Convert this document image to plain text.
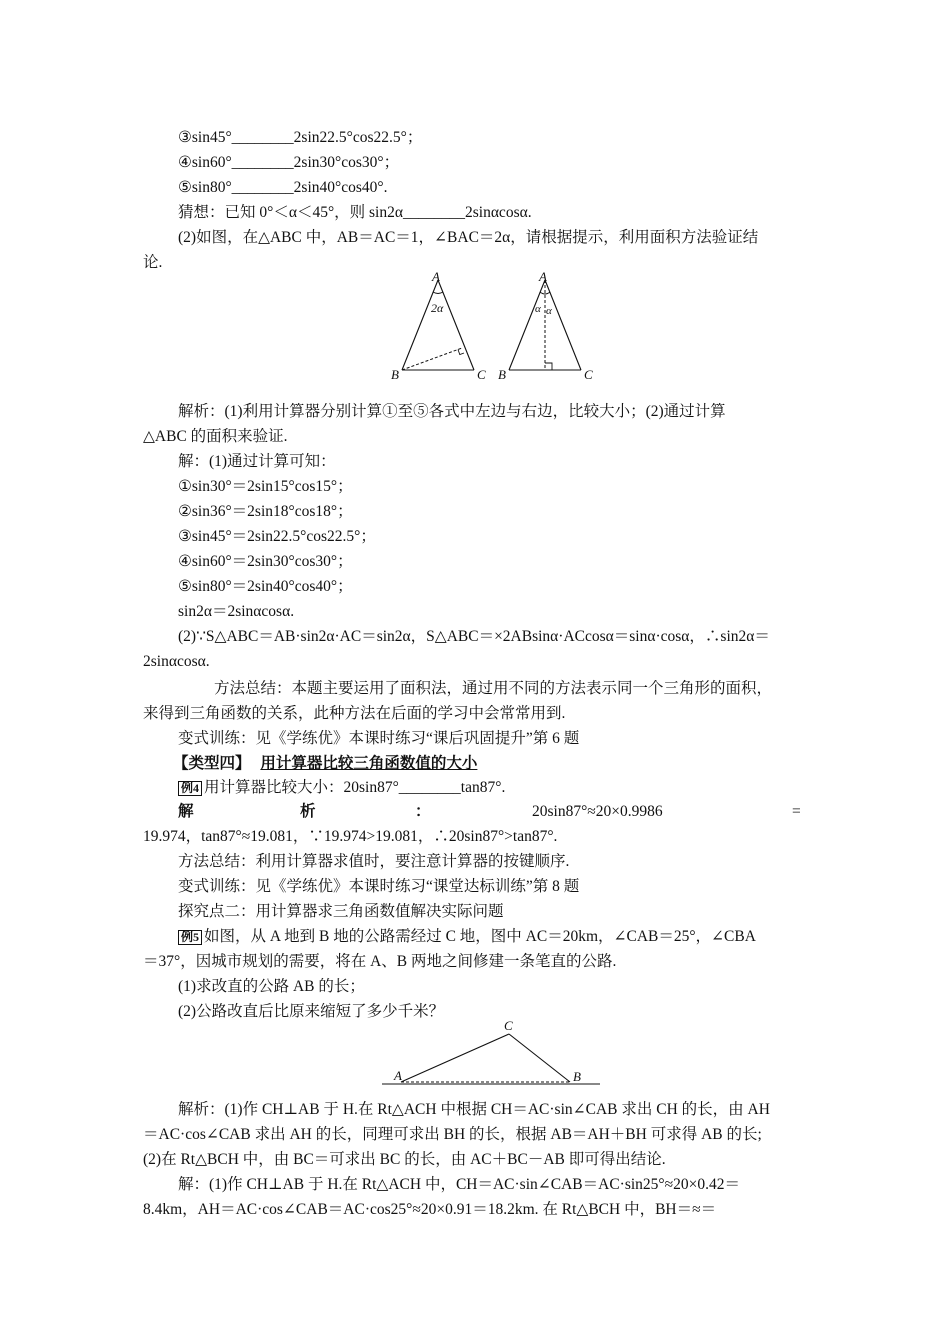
③sin45°________2sin22.5°cos22.5°；
④sin60°________2sin30°cos30°；
⑤sin80°________2sin40°cos40°.
猜想：已知 0°＜α＜45°，则 sin2α________2sinαcosα.
(2)如图，在△ABC 中，AB＝AC＝1，∠BAC＝2α，请根据提示，利用面积方法验证结
论.
A
B	C
2α
A
B	C
α α
解析：(1)利用计算器分别计算①至⑤各式中左边与右边，比较大小；(2)通过计算
△ABC 的面积来验证.
解：(1)通过计算可知：
①sin30°＝2sin15°cos15°；
②sin36°＝2sin18°cos18°；
③sin45°＝2sin22.5°cos22.5°；
④sin60°＝2sin30°cos30°；
⑤sin80°＝2sin40°cos40°；
sin2α＝2sinαcosα.
(2)∵S△ABC＝AB·sin2α·AC＝sin2α，S△ABC＝×2ABsinα·ACcosα＝sinα·cosα，∴sin2α＝
2sinαcosα.
方法总结：本题主要运用了面积法，通过用不同的方法表示同一个三角形的面积，
来得到三角函数的关系，此种方法在后面的学习中会常常用到.
变式训练：见《学练优》本课时练习“课后巩固提升”第 6 题
【类型四】 用计算器比较三角函数值的大小
例4 用计算器比较大小：20sin87°________tan87°.
解	析	：	20sin87°≈20×0.9986	=
19.974，tan87°≈19.081，∵19.974>19.081，∴20sin87°>tan87°.
方法总结：利用计算器求值时，要注意计算器的按键顺序.
变式训练：见《学练优》本课时练习“课堂达标训练”第 8 题
探究点二：用计算器求三角函数值解决实际问题
例5 如图，从 A 地到 B 地的公路需经过 C 地，图中 AC＝20km，∠CAB＝25°，∠CBA
＝37°，因城市规划的需要，将在 A、B 两地之间修建一条笔直的公路.
(1)求改直的公路 AB 的长；
(2)公路改直后比原来缩短了多少千米？
C
A	B
解析：(1)作 CH⊥AB 于 H.在 Rt△ACH 中根据 CH＝AC·sin∠CAB 求出 CH 的长，由 AH
＝AC·cos∠CAB 求出 AH 的长，同理可求出 BH 的长，根据 AB＝AH＋BH 可求得 AB 的长;
(2)在 Rt△BCH 中，由 BC＝可求出 BC 的长，由 AC＋BC－AB 即可得出结论.
解：(1)作 CH⊥AB 于 H.在 Rt△ACH 中，CH＝AC·sin∠CAB＝AC·sin25°≈20×0.42＝
8.4km，AH＝AC·cos∠CAB＝AC·cos25°≈20×0.91＝18.2km. 在 Rt△BCH 中，BH＝≈＝
